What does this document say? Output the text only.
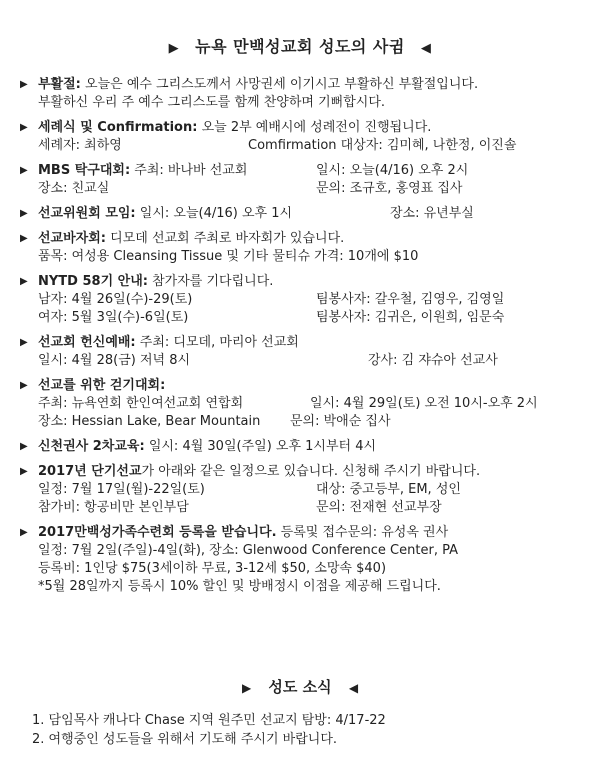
▶ 뉴욕 만백성교회 성도의 사귐 ◀
▶ 부활절: 오늘은 예수 그리스도께서 사망권세 이기시고 부활하신 부활절입니다.
부활하신 우리 주 예수 그리스도를 함께 찬양하며 기뻐합시다.
▶ 세례식 및 Confirmation: 오늘 2부 예배시에 성례전이 진행됩니다.
세례자: 최하영	Comfirmation 대상자: 김미혜, 나한정, 이진솔
▶ MBS 탁구대회: 주최: 바나바 선교회	일시: 오늘(4/16) 오후 2시
장소: 친교실	문의: 조규호, 홍영표 집사
▶ 선교위원회 모임: 일시: 오늘(4/16) 오후 1시	장소: 유년부실
▶ 선교바자회: 디모데 선교회 주최로 바자회가 있습니다.
품목: 여성용 Cleansing Tissue 및 기타 물티슈 가격: 10개에 $10
▶ NYTD 58기 안내: 참가자를 기다립니다.
남자: 4월 26일(수)-29(토)	팀봉사자: 갈우철, 김영우, 김영일
여자: 5월 3일(수)-6일(토)	팀봉사자: 김귀은, 이원희, 임문숙
▶ 선교회 헌신예배: 주최: 디모데, 마리아 선교회
일시: 4월 28(금) 저녁 8시	강사: 김 쟈슈아 선교사
▶ 선교를 위한 걷기대회:
주최: 뉴욕연회 한인여선교회 연합회	일시: 4월 29일(토) 오전 10시-오후 2시
장소: Hessian Lake, Bear Mountain	문의: 박애순 집사
▶ 신천권사 2차교육: 일시: 4월 30일(주일) 오후 1시부터 4시
▶ 2017년 단기선교가 아래와 같은 일정으로 있습니다. 신청해 주시기 바랍니다.
일정: 7월 17일(월)-22일(토)	대상: 중고등부, EM, 성인
참가비: 항공비만 본인부담	문의: 전재현 선교부장
▶ 2017만백성가족수련회 등록을 받습니다. 등록및 접수문의: 유성옥 권사
일정: 7월 2일(주일)-4일(화), 장소: Glenwood Conference Center, PA
등록비: 1인당 $75(3세이하 무료, 3-12세 $50, 소망속 $40)
*5월 28일까지 등록시 10% 할인 및 방배정시 이점을 제공해 드립니다.
▶ 성도 소식 ◀
1. 담임목사 캐나다 Chase 지역 원주민 선교지 탐방: 4/17-22
2. 여행중인 성도들을 위해서 기도해 주시기 바랍니다.
